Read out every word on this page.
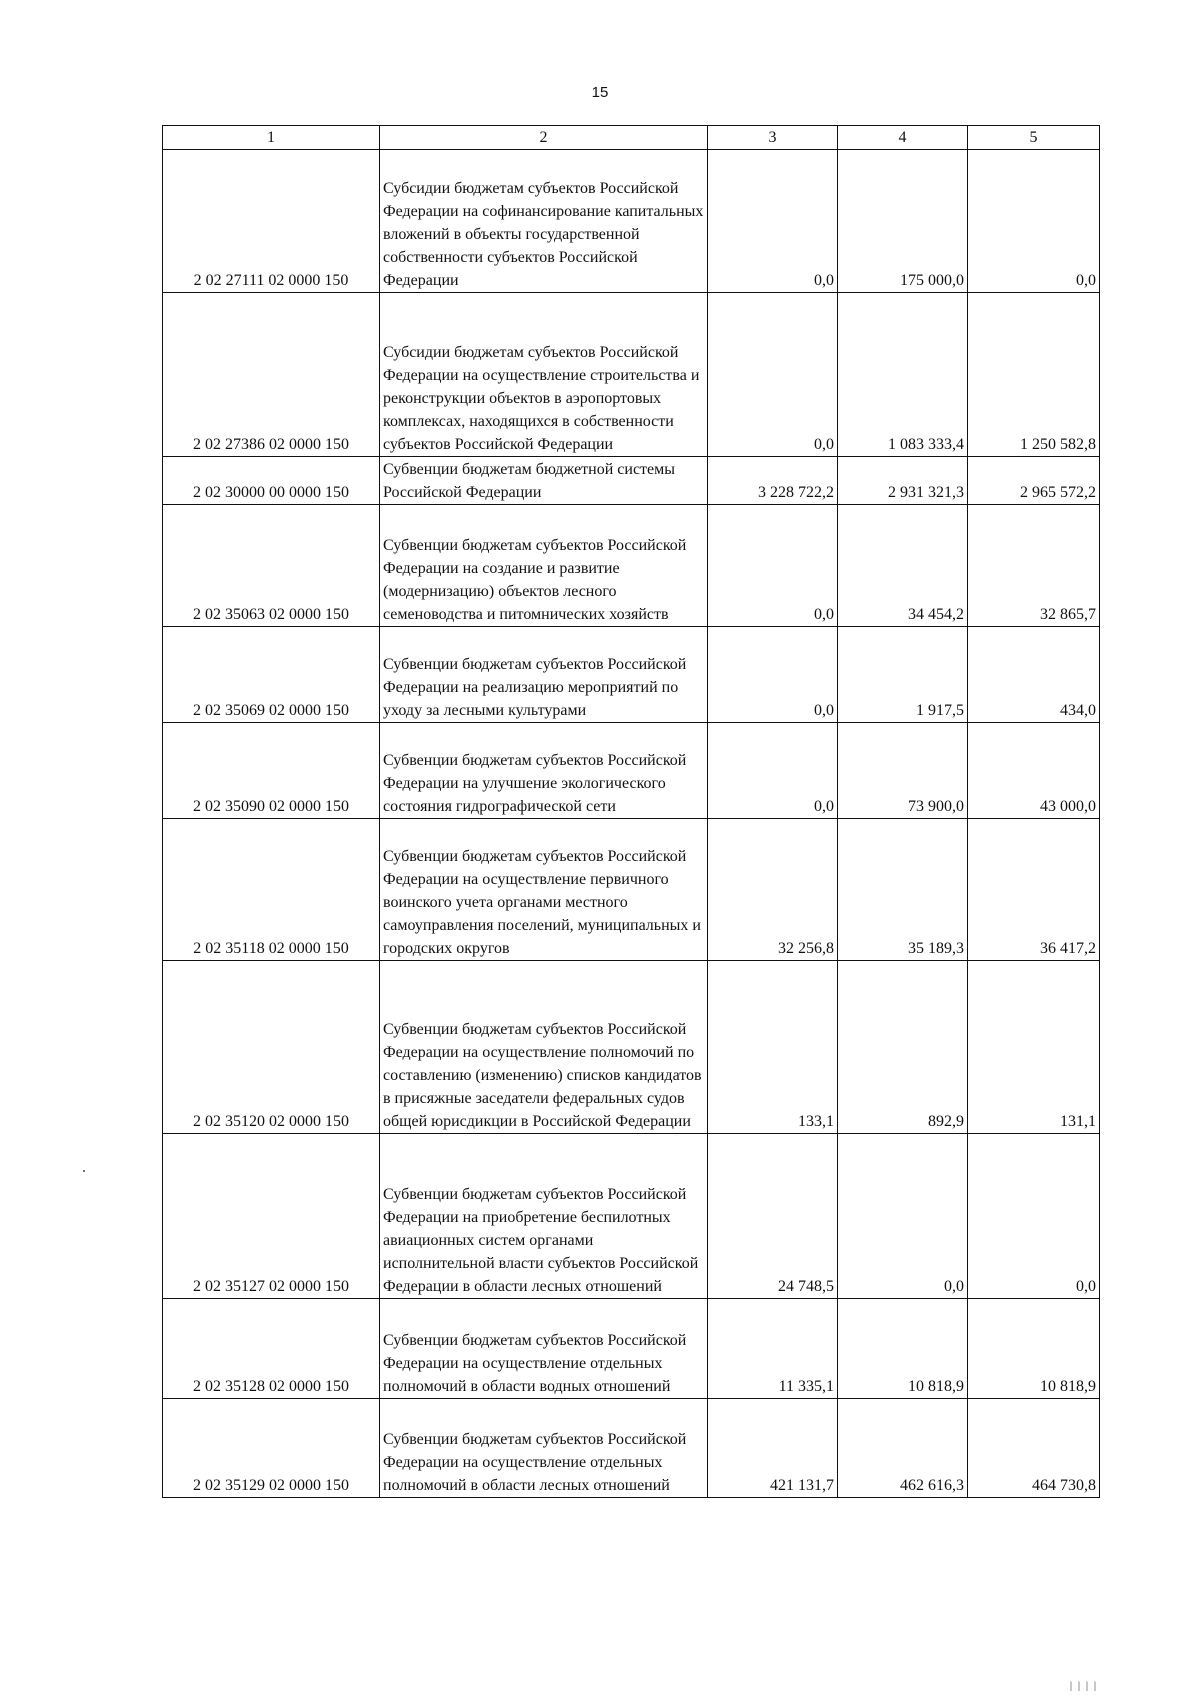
15
1	2	3	4	5
2 02 27111 02 0000 150	Субсидии бюджетам субъектов Российской Федерации на софинансирование капитальных вложений в объекты государственной собственности субъектов Российской Федерации	0,0	175 000,0	0,0
2 02 27386 02 0000 150	Субсидии бюджетам субъектов Российской Федерации на осуществление строительства и реконструкции объектов в аэропортовых комплексах, находящихся в собственности субъектов Российской Федерации	0,0	1 083 333,4	1 250 582,8
2 02 30000 00 0000 150	Субвенции бюджетам бюджетной системы Российской Федерации	3 228 722,2	2 931 321,3	2 965 572,2
2 02 35063 02 0000 150	Субвенции бюджетам субъектов Российской Федерации на создание и развитие (модернизацию) объектов лесного семеноводства и питомнических хозяйств	0,0	34 454,2	32 865,7
2 02 35069 02 0000 150	Субвенции бюджетам субъектов Российской Федерации на реализацию мероприятий по уходу за лесными культурами	0,0	1 917,5	434,0
2 02 35090 02 0000 150	Субвенции бюджетам субъектов Российской Федерации на улучшение экологического состояния гидрографической сети	0,0	73 900,0	43 000,0
2 02 35118 02 0000 150	Субвенции бюджетам субъектов Российской Федерации на осуществление первичного воинского учета органами местного самоуправления поселений, муниципальных и городских округов	32 256,8	35 189,3	36 417,2
2 02 35120 02 0000 150	Субвенции бюджетам субъектов Российской Федерации на осуществление полномочий по составлению (изменению) списков кандидатов в присяжные заседатели федеральных судов общей юрисдикции в Российской Федерации	133,1	892,9	131,1
2 02 35127 02 0000 150	Субвенции бюджетам субъектов Российской Федерации на приобретение беспилотных авиационных систем органами исполнительной власти субъектов Российской Федерации в области лесных отношений	24 748,5	0,0	0,0
2 02 35128 02 0000 150	Субвенции бюджетам субъектов Российской Федерации на осуществление отдельных полномочий в области водных отношений	11 335,1	10 818,9	10 818,9
2 02 35129 02 0000 150	Субвенции бюджетам субъектов Российской Федерации на осуществление отдельных полномочий в области лесных отношений	421 131,7	462 616,3	464 730,8
||||
